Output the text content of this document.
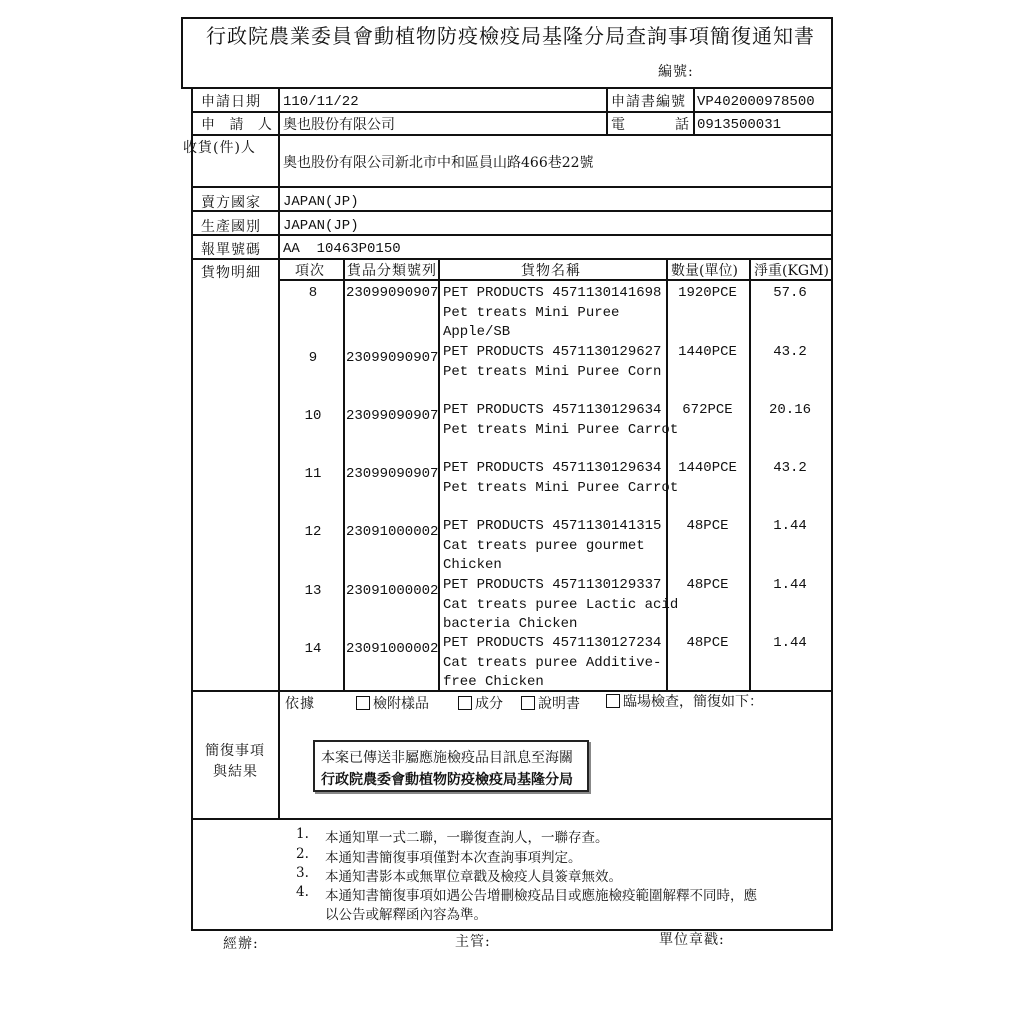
行政院農業委員會動植物防疫檢疫局基隆分局查詢事項簡復通知書
編號:
申請日期 110/11/22	申請書編號 VP402000978500
申 請 人 奧也股份有限公司	電	話 0913500031
收貨(件)人
奧也股份有限公司新北市中和區員山路466巷22號
賣方國家 JAPAN(JP)
生產國別 JAPAN(JP)
報單號碼 AA  10463P0150
貨物明細 項次 貨品分類號列	貨物名稱	數量(單位) 淨重(KGM)
8	23099090907 PET PRODUCTS 4571130141698
Pet treats Mini Puree
Apple/SB
1920PCE	57.6
9	23099090907 PET PRODUCTS 4571130129627
Pet treats Mini Puree Corn
1440PCE	43.2
10	23099090907 PET PRODUCTS 4571130129634
Pet treats Mini Puree Carrot
672PCE	20.16
11	23099090907 PET PRODUCTS 4571130129634
Pet treats Mini Puree Carrot
1440PCE	43.2
12	23091000002 PET PRODUCTS 4571130141315
Cat treats puree gourmet
Chicken
48PCE	1.44
13	23091000002 PET PRODUCTS 4571130129337
Cat treats puree Lactic acid
bacteria Chicken
48PCE	1.44
14	23091000002 PET PRODUCTS 4571130127234
Cat treats puree Additive-
free Chicken
48PCE	1.44
依據	檢附樣品	成分	說明書	臨場檢查，簡復如下：
簡復事項
與結果
本案已傳送非屬應施檢疫品目訊息至海關
行政院農委會動植物防疫檢疫局基隆分局
1. 本通知單一式二聯，一聯復查詢人，一聯存查。
2. 本通知書簡復事項僅對本次查詢事項判定。
3. 本通知書影本或無單位章戳及檢疫人員簽章無效。
4. 本通知書簡復事項如遇公告增刪檢疫品目或應施檢疫範圍解釋不同時，應
以公告或解釋函內容為準。
經辦:	主管:	單位章戳:
